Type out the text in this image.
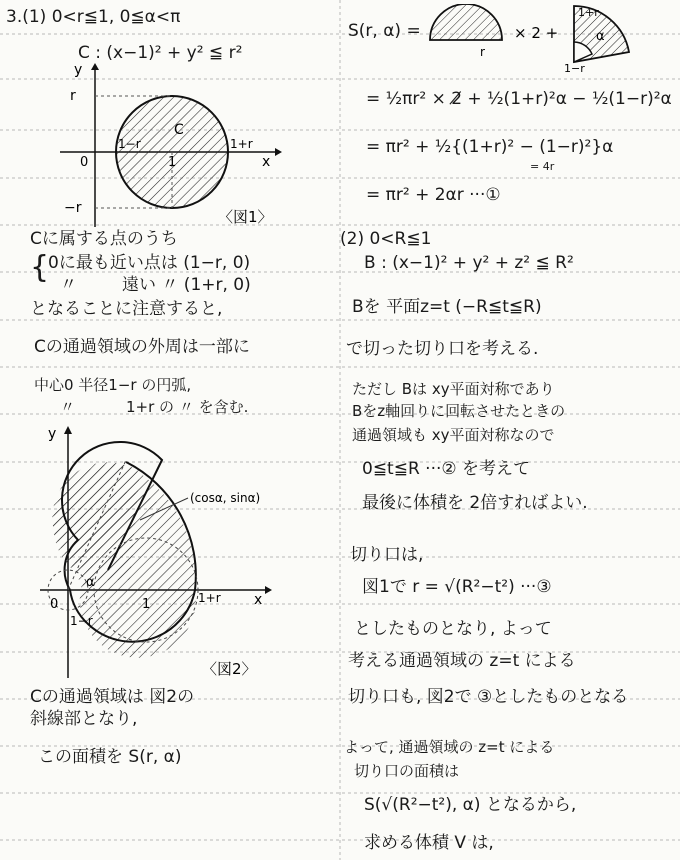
3.(1) 0<r≦1, 0≦α<π
C : (x−1)² + y² ≦ r²
r
−r
0	1
1−r	1+r
C
y
x
〈図1〉
Cに属する点のうち
{
0に最も近い点は (1−r, 0)
〃	遠い 〃 (1+r, 0)
となることに注意すると,
Cの通過領域の外周は一部に
中心0 半径1−r の円弧,
〃	1+r の 〃 を含む.
0	1
α
1−r
1+r
(cosα, sinα)
y
x
〈図2〉
Cの通過領域は 図2の
斜線部となり,
この面積を S(r, α)
S(r, α) =
r
× 2 +
1+r
α
1−r
= ½πr² × 2̸ + ½(1+r)²α − ½(1−r)²α
= πr² + ½{(1+r)² − (1−r)²}α
= 4r
= πr² + 2αr ···①
(2) 0<R≦1
B : (x−1)² + y² + z² ≦ R²
Bを 平面z=t (−R≦t≦R)
で切った切り口を考える.
ただし Bは xy平面対称であり
Bをz軸回りに回転させたときの
通過領域も xy平面対称なので
0≦t≦R ···② を考えて
最後に体積を 2倍すればよい.
切り口は,
図1で r = √(R²−t²) ···③
としたものとなり, よって
考える通過領域の z=t による
切り口も, 図2で ③としたものとなる
よって, 通過領域の z=t による
切り口の面積は
S(√(R²−t²), α) となるから,
求める体積 V は,
